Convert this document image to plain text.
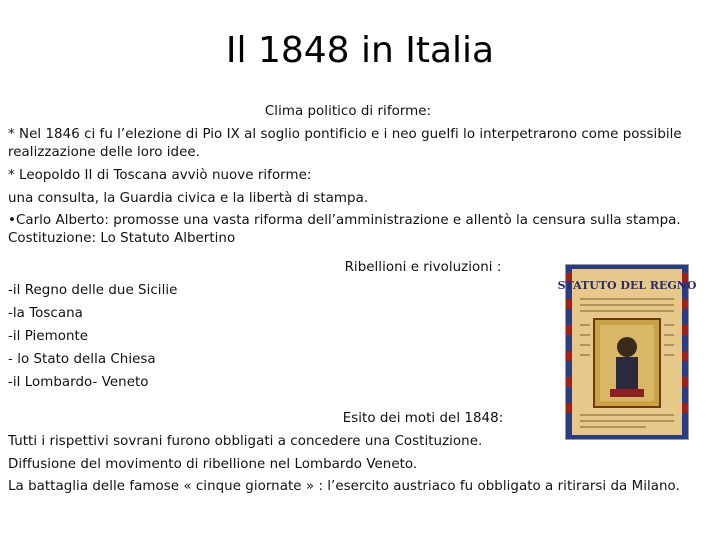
Il 1848 in Italia

Clima politico di riforme:

* Nel 1846 ci fu l’elezione di Pio IX al soglio pontificio e i neo guelfi lo interpetrarono come possibile realizzazione delle loro idee.

* Leopoldo II di Toscana avviò nuove riforme:

una consulta, la Guardia civica e la libertà di stampa.

•Carlo Alberto: promosse una vasta riforma dell’amministrazione e allentò la censura sulla stampa. Costituzione: Lo Statuto Albertino

Ribellioni e rivoluzioni :

-il Regno delle due Sicilie

-la Toscana

-il Piemonte

- lo Stato della Chiesa

-il Lombardo- Veneto

Esito dei moti del 1848:

Tutti i rispettivi sovrani furono obbligati a concedere una Costituzione.

Diffusione del movimento di ribellione nel Lombardo Veneto.

La battaglia delle famose « cinque giornate » : l’esercito austriaco fu obbligato a ritirarsi da Milano.

STATUTO DEL REGNO
